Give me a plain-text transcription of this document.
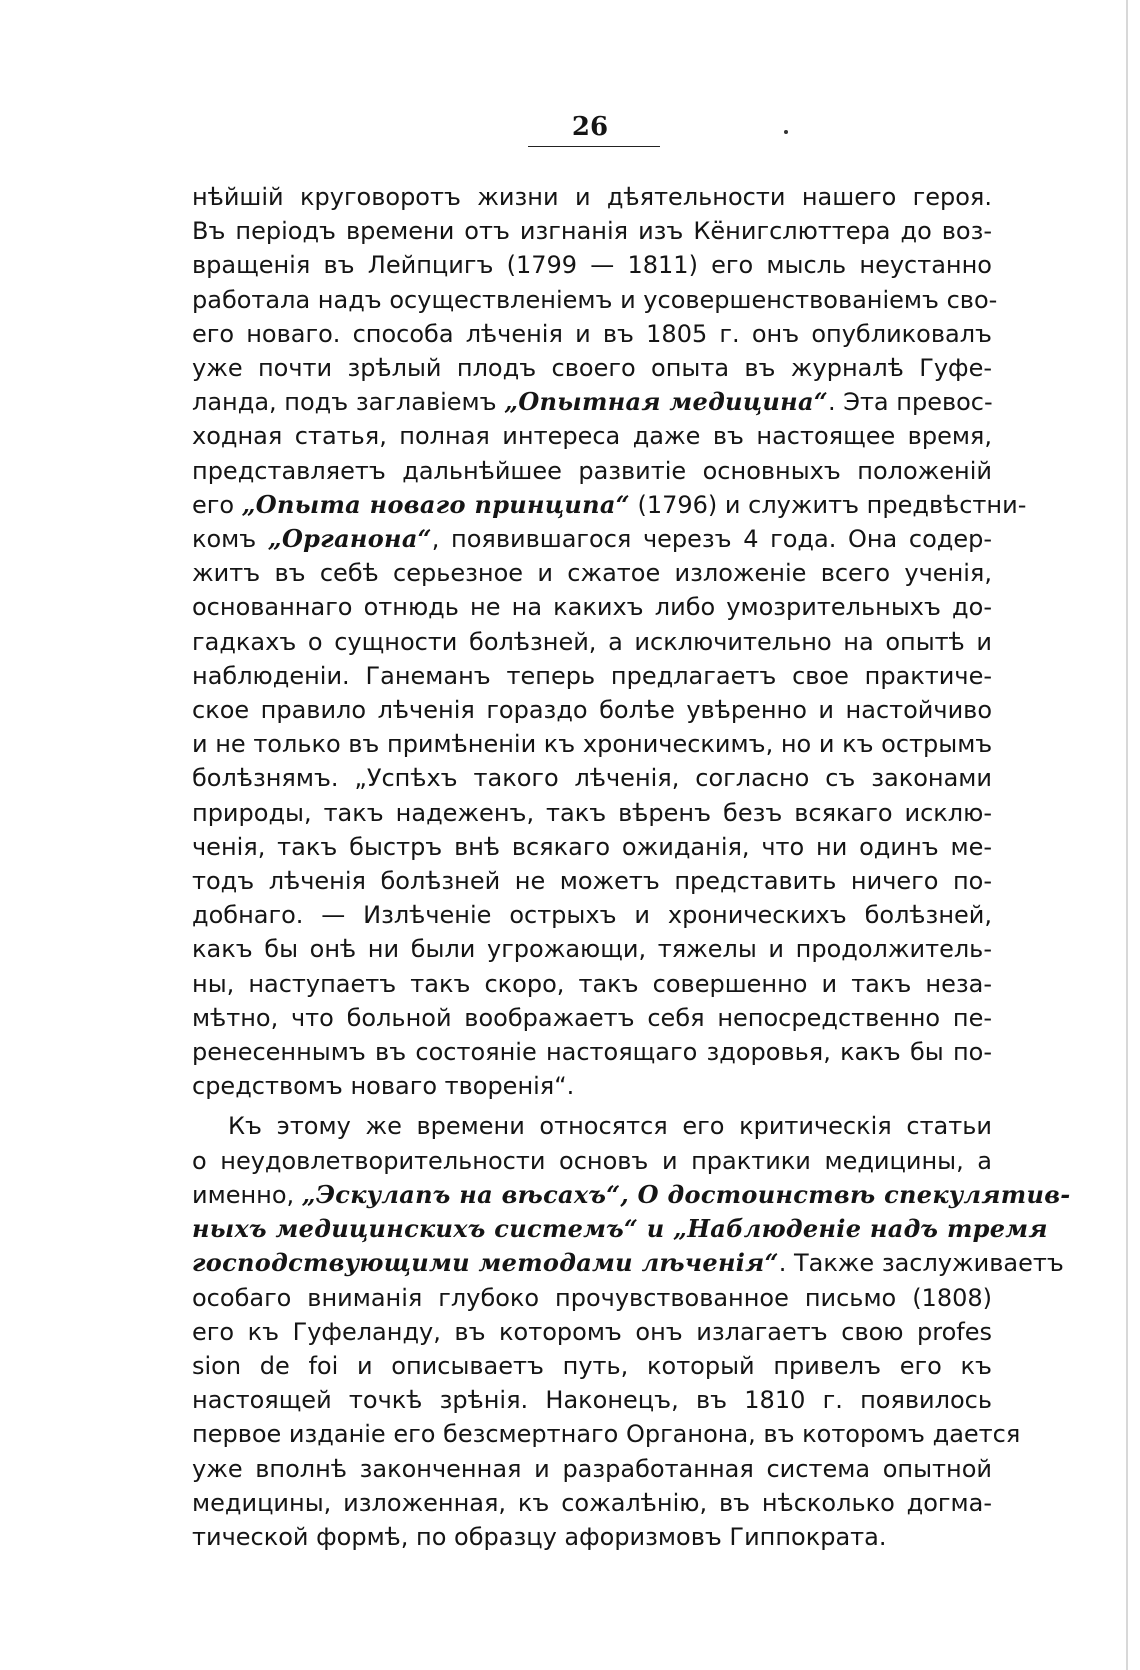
26
нѣйшій круговоротъ жизни и дѣятельности нашего героя.
Въ періодъ времени отъ изгнанія изъ Кёнигслюттера до воз-
вращенія въ Лейпцигъ (1799 — 1811) его мысль неустанно
работала надъ осуществленіемъ и усовершенствованіемъ сво-
его новаго. способа лѣченія и въ 1805 г. онъ опубликовалъ
уже почти зрѣлый плодъ своего опыта въ журналѣ Гуфе-
ланда, подъ заглавіемъ „Опытная медицина“. Эта превос-
ходная статья, полная интереса даже въ настоящее время,
представляетъ дальнѣйшее развитіе основныхъ положеній
его „Опыта новаго принципа“ (1796) и служитъ предвѣстни-
комъ „Органона“, появившагося черезъ 4 года. Она содер-
житъ въ себѣ серьезное и сжатое изложеніе всего ученія,
основаннаго отнюдь не на какихъ либо умозрительныхъ до-
гадкахъ о сущности болѣзней, а исключительно на опытѣ и
наблюденіи. Ганеманъ теперь предлагаетъ свое практиче-
ское правило лѣченія гораздо болѣе увѣренно и настойчиво
и не только въ примѣненіи къ хроническимъ, но и къ острымъ
болѣзнямъ. „Успѣхъ такого лѣченія, согласно съ законами
природы, такъ надеженъ, такъ вѣренъ безъ всякаго исклю-
ченія, такъ быстръ внѣ всякаго ожиданія, что ни одинъ ме-
тодъ лѣченія болѣзней не можетъ представить ничего по-
добнаго. — Излѣченіе острыхъ и хроническихъ болѣзней,
какъ бы онѣ ни были угрожающи, тяжелы и продолжитель-
ны, наступаетъ такъ скоро, такъ совершенно и такъ неза-
мѣтно, что больной воображаетъ себя непосредственно пе-
ренесеннымъ въ состояніе настоящаго здоровья, какъ бы по-
средствомъ новаго творенія“.
Къ этому же времени относятся его критическія статьи
о неудовлетворительности основъ и практики медицины, а
именно, „Эскулапъ на вѣсахъ“, О достоинствѣ спекулятив-
ныхъ медицинскихъ системъ“ и „Наблюденіе надъ тремя
господствующими методами лѣченія“. Также заслуживаетъ
особаго вниманія глубоко прочувствованное письмо (1808)
его къ Гуфеланду, въ которомъ онъ излагаетъ свою profes
sion de foi и описываетъ путь, который привелъ его къ
настоящей точкѣ зрѣнія. Наконецъ, въ 1810 г. появилось
первое изданіе его безсмертнаго Органона, въ которомъ дается
уже вполнѣ законченная и разработанная система опытной
медицины, изложенная, къ сожалѣнію, въ нѣсколько догма-
тической формѣ, по образцу афоризмовъ Гиппократа.
